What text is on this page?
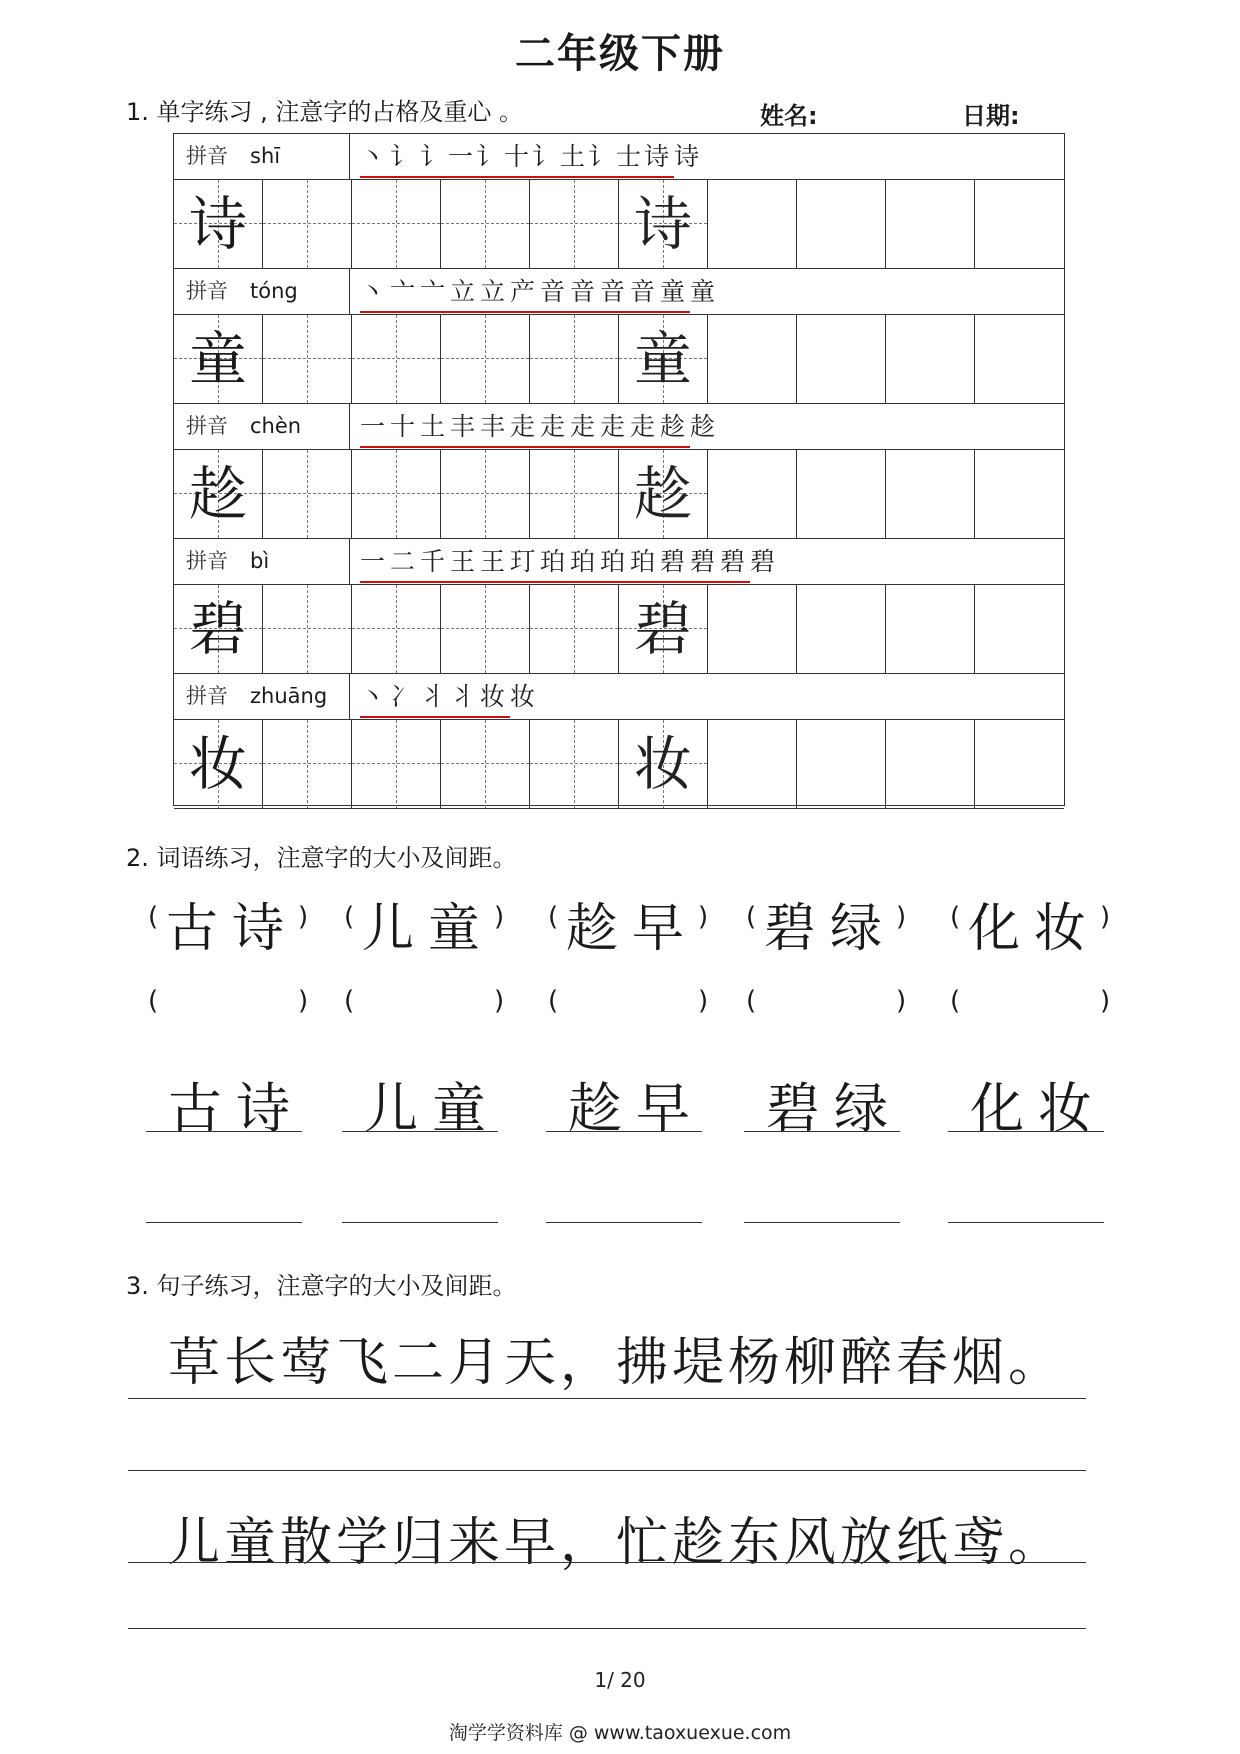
二年级下册
1. 单字练习 , 注意字的占格及重心 。	姓名:	日期:
拼音 shī	丶讠讠一讠十讠土讠士诗诗
诗	诗
拼音 tóng	丶亠亠立立产音音音音童童
童	童
拼音 chèn	一十土丰丰走走走走走趁趁
趁	趁
拼音 bì	一二千王王玎珀珀珀珀碧碧碧碧
碧	碧
拼音 zhuāng	丶冫丬丬妆妆
妆	妆
2. 词语练习，注意字的大小及间距。
( 古诗 )
(	)
古诗
( 儿童 )
(	)
儿童
( 趁早 )
(	)
趁早
( 碧绿 )
(	)
碧绿
( 化妆 )
(	)
化妆
3. 句子练习，注意字的大小及间距。
草长莺飞二月天，拂堤杨柳醉春烟。
儿童散学归来早，忙趁东风放纸鸢。
1/ 20
淘学学资料库 @ www.taoxuexue.com
